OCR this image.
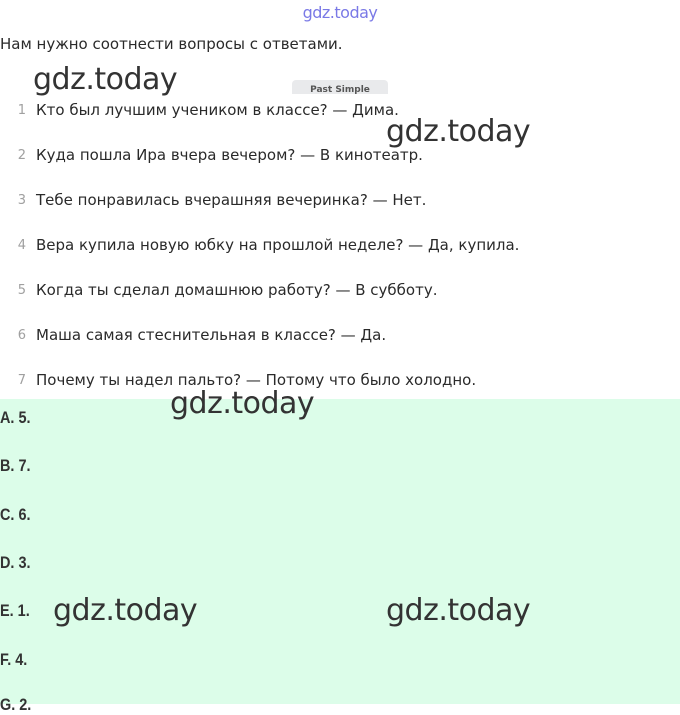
gdz.today
Нам нужно соотнести вопросы с ответами.
Past Simple
1 Кто был лучшим учеником в классе? — Дима.
2 Куда пошла Ира вчера вечером? — В кинотеатр.
3 Тебе понравилась вчерашняя вечеринка? — Нет.
4 Вера купила новую юбку на прошлой неделе? — Да, купила.
5 Когда ты сделал домашнюю работу? — В субботу.
6 Маша самая стеснительная в классе? — Да.
7 Почему ты надел пальто? — Потому что было холодно.
A. 5.
B. 7.
C. 6.
D. 3.
E. 1.
F. 4.
G. 2.
gdz.today
gdz.today
gdz.today
gdz.today	gdz.today
